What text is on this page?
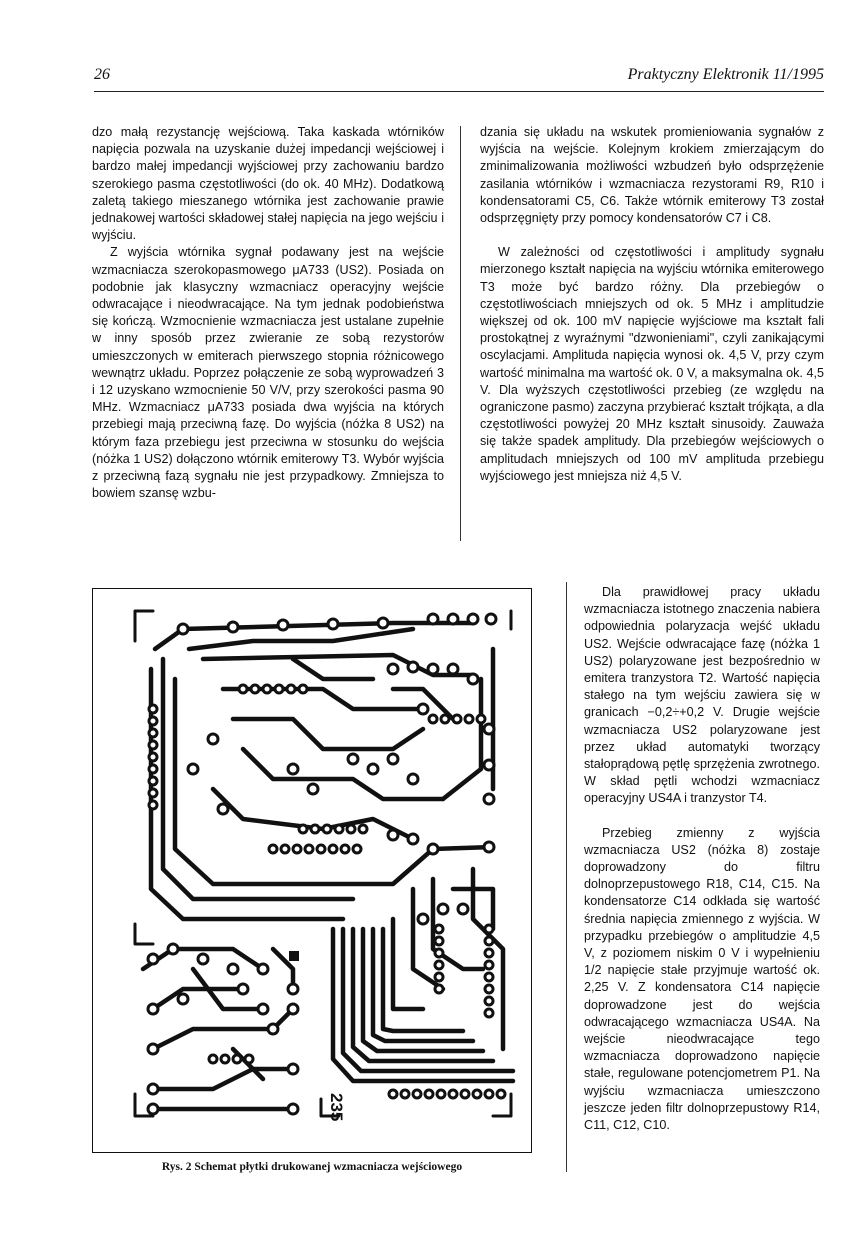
26	Praktyczny Elektronik 11/1995

dzo małą rezystancję wejściową. Taka kaskada wtórników napięcia pozwala na uzyskanie dużej impedancji wejściowej i bardzo małej impedancji wyjściowej przy zachowaniu bardzo szerokiego pasma częstotliwości (do ok. 40 MHz). Dodatkową zaletą takiego mieszanego wtórnika jest zachowanie prawie jednakowej wartości składowej stałej napięcia na jego wejściu i wyjściu.

Z wyjścia wtórnika sygnał podawany jest na wejście wzmacniacza szerokopasmowego μA733 (US2). Posiada on podobnie jak klasyczny wzmacniacz operacyjny wejście odwracające i nieodwracające. Na tym jednak podobieństwa się kończą. Wzmocnienie wzmacniacza jest ustalane zupełnie w inny sposób przez zwieranie ze sobą rezystorów umieszczonych w emiterach pierwszego stopnia różnicowego wewnątrz układu. Poprzez połączenie ze sobą wyprowadzeń 3 i 12 uzyskano wzmocnienie 50 V/V, przy szerokości pasma 90 MHz. Wzmacniacz μA733 posiada dwa wyjścia na których przebiegi mają przeciwną fazę. Do wyjścia (nóżka 8 US2) na którym faza przebiegu jest przeciwna w stosunku do wejścia (nóżka 1 US2) dołączono wtórnik emiterowy T3. Wybór wyjścia z przeciwną fazą sygnału nie jest przypadkowy. Zmniejsza to bowiem szansę wzbu-

dzania się układu na wskutek promieniowania sygnałów z wyjścia na wejście. Kolejnym krokiem zmierzającym do zminimalizowania możliwości wzbudzeń było odsprzężenie zasilania wtórników i wzmacniacza rezystorami R9, R10 i kondensatorami C5, C6. Także wtórnik emiterowy T3 został odsprzęgnięty przy pomocy kondensatorów C7 i C8.

W zależności od częstotliwości i amplitudy sygnału mierzonego kształt napięcia na wyjściu wtórnika emiterowego T3 może być bardzo różny. Dla przebiegów o częstotliwościach mniejszych od ok. 5 MHz i amplitudzie większej od ok. 100 mV napięcie wyjściowe ma kształt fali prostokątnej z wyraźnymi "dzwonieniami", czyli zanikającymi oscylacjami. Amplituda napięcia wynosi ok. 4,5 V, przy czym wartość minimalna ma wartość ok. 0 V, a maksymalna ok. 4,5 V. Dla wyższych częstotliwości przebieg (ze względu na ograniczone pasmo) zaczyna przybierać kształt trójkąta, a dla częstotliwości powyżej 20 MHz kształt sinusoidy. Zauważa się także spadek amplitudy. Dla przebiegów wejściowych o amplitudach mniejszych od 100 mV amplituda przebiegu wyjściowego jest mniejsza niż 4,5 V.

235
Rys. 2 Schemat płytki drukowanej wzmacniacza wejściowego

Dla prawidłowej pracy układu wzmacniacza istotnego znaczenia nabiera odpowiednia polaryzacja wejść układu US2. Wejście odwracające fazę (nóżka 1 US2) polaryzowane jest bezpośrednio w emitera tranzystora T2. Wartość napięcia stałego na tym wejściu zawiera się w granicach −0,2÷+0,2 V. Drugie wejście wzmacniacza US2 polaryzowane jest przez układ automatyki tworzący stałoprądową pętlę sprzężenia zwrotnego. W skład pętli wchodzi wzmacniacz operacyjny US4A i tranzystor T4.

Przebieg zmienny z wyjścia wzmacniacza US2 (nóżka 8) zostaje doprowadzony do filtru dolnoprzepustowego R18, C14, C15. Na kondensatorze C14 odkłada się wartość średnia napięcia zmiennego z wyjścia. W przypadku przebiegów o amplitudzie 4,5 V, z poziomem niskim 0 V i wypełnieniu 1/2 napięcie stałe przyjmuje wartość ok. 2,25 V. Z kondensatora C14 napięcie doprowadzone jest do wejścia odwracającego wzmacniacza US4A. Na wejście nieodwracające tego wzmacniacza doprowadzono napięcie stałe, regulowane potencjometrem P1. Na wyjściu wzmacniacza umieszczono jeszcze jeden filtr dolnoprzepustowy R14, C11, C12, C10.
